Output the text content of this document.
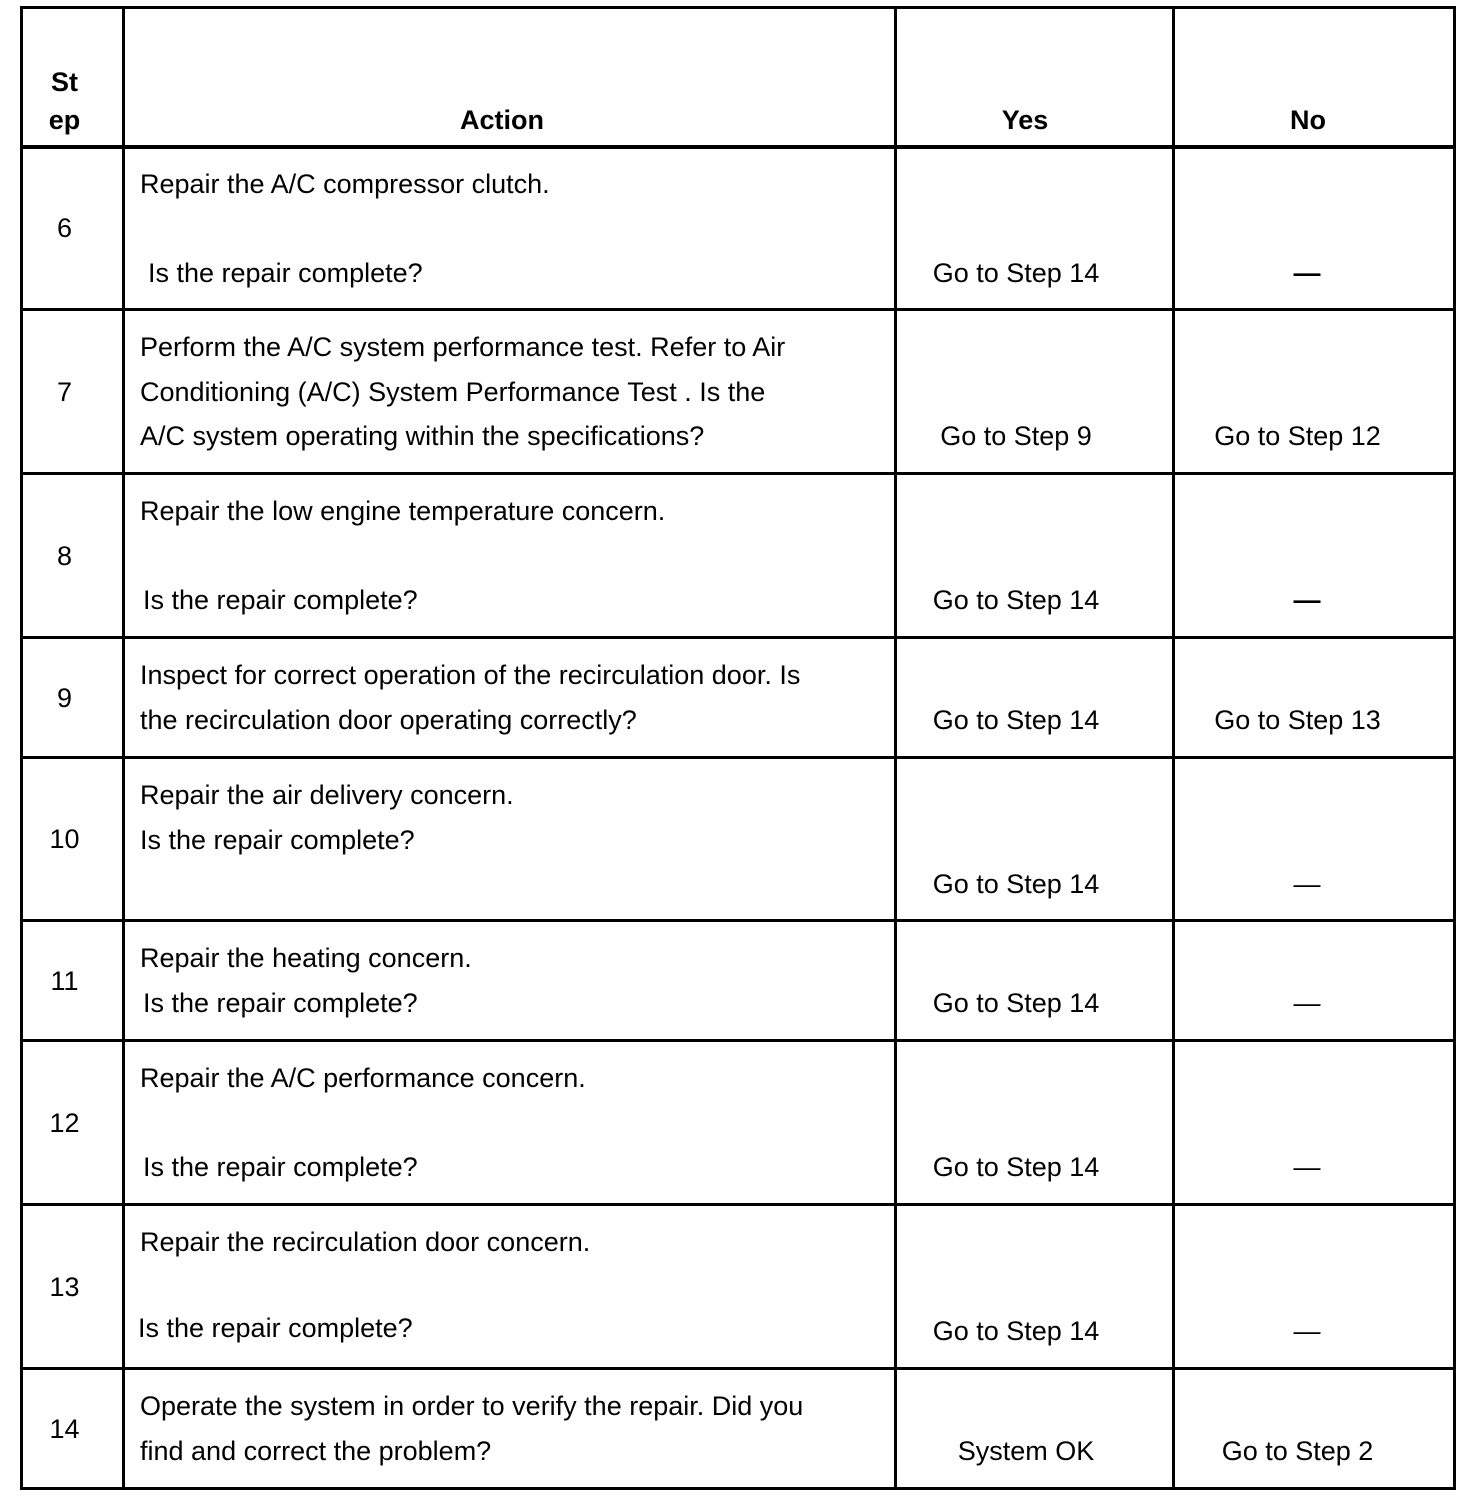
St
ep	Action	Yes	No
6
Repair the A/C compressor clutch.
Is the repair complete?	Go to Step 14	—
7
Perform the A/C system performance test. Refer to Air
Conditioning (A/C) System Performance Test . Is the
A/C system operating within the specifications?	Go to Step 9	Go to Step 12
8
Repair the low engine temperature concern.
Is the repair complete?	Go to Step 14	—
9
Inspect for correct operation of the recirculation door. Is
the recirculation door operating correctly?	Go to Step 14	Go to Step 13
10
Repair the air delivery concern.
Is the repair complete?
Go to Step 14	—
11
Repair the heating concern.
Is the repair complete?	Go to Step 14	—
12
Repair the A/C performance concern.
Is the repair complete?	Go to Step 14	—
13
Repair the recirculation door concern.
Is the repair complete?	Go to Step 14	—
14
Operate the system in order to verify the repair. Did you
find and correct the problem?	System OK	Go to Step 2
